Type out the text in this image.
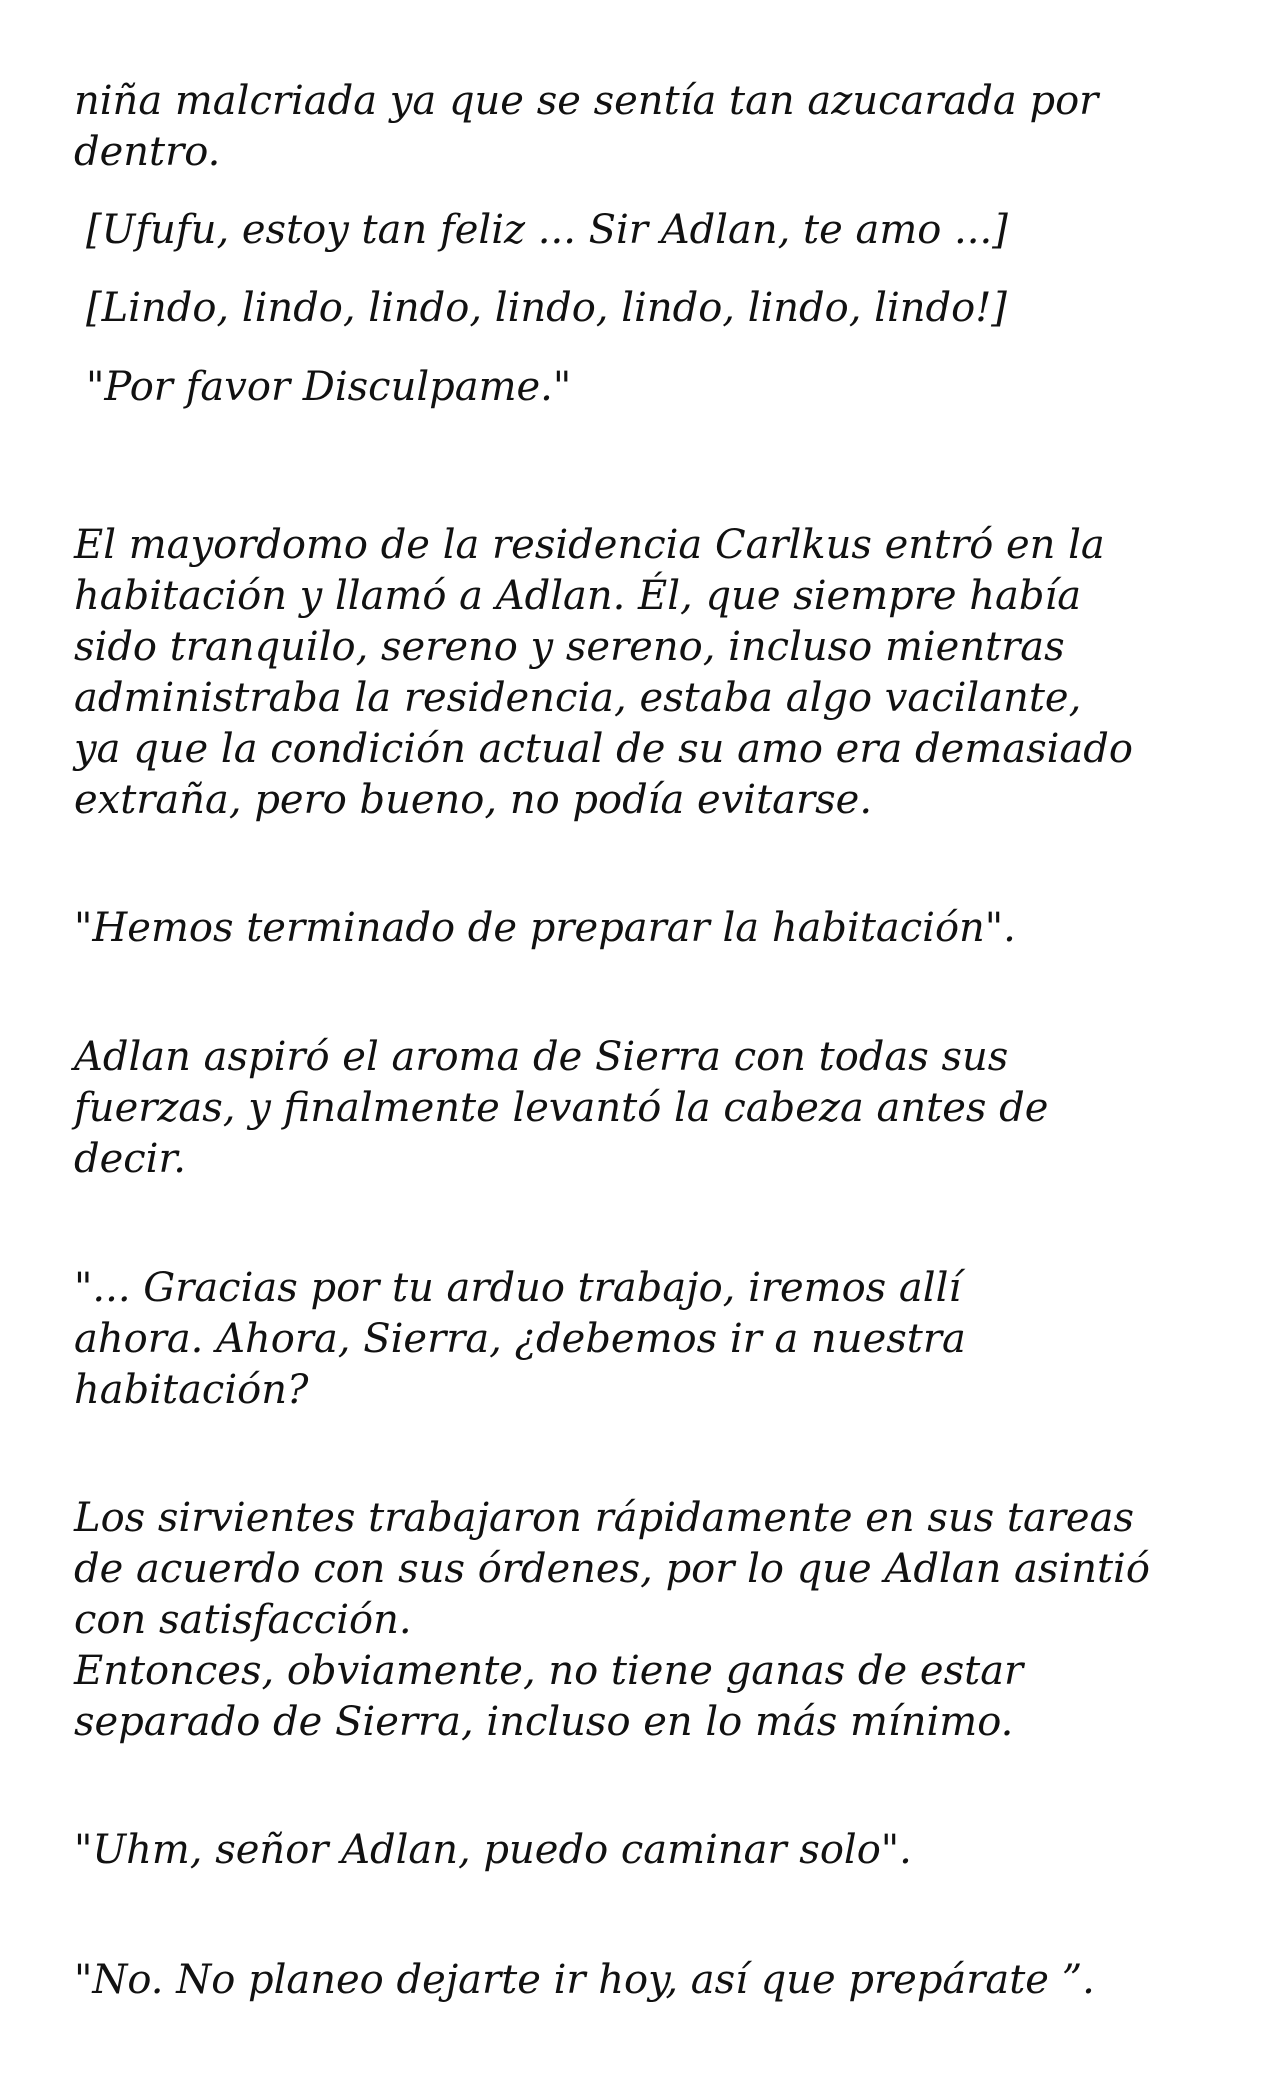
niña malcriada ya que se sentía tan azucarada por
dentro.

[Ufufu, estoy tan feliz ... Sir Adlan, te amo ...]

[Lindo, lindo, lindo, lindo, lindo, lindo, lindo!]

"Por favor Disculpame."

El mayordomo de la residencia Carlkus entró en la
habitación y llamó a Adlan. Él, que siempre había
sido tranquilo, sereno y sereno, incluso mientras
administraba la residencia, estaba algo vacilante,
ya que la condición actual de su amo era demasiado
extraña, pero bueno, no podía evitarse.

"Hemos terminado de preparar la habitación".

Adlan aspiró el aroma de Sierra con todas sus
fuerzas, y finalmente levantó la cabeza antes de
decir.

"... Gracias por tu arduo trabajo, iremos allí
ahora. Ahora, Sierra, ¿debemos ir a nuestra
habitación?

Los sirvientes trabajaron rápidamente en sus tareas
de acuerdo con sus órdenes, por lo que Adlan asintió
con satisfacción.
Entonces, obviamente, no tiene ganas de estar
separado de Sierra, incluso en lo más mínimo.

"Uhm, señor Adlan, puedo caminar solo".

"No. No planeo dejarte ir hoy, así que prepárate ”.
